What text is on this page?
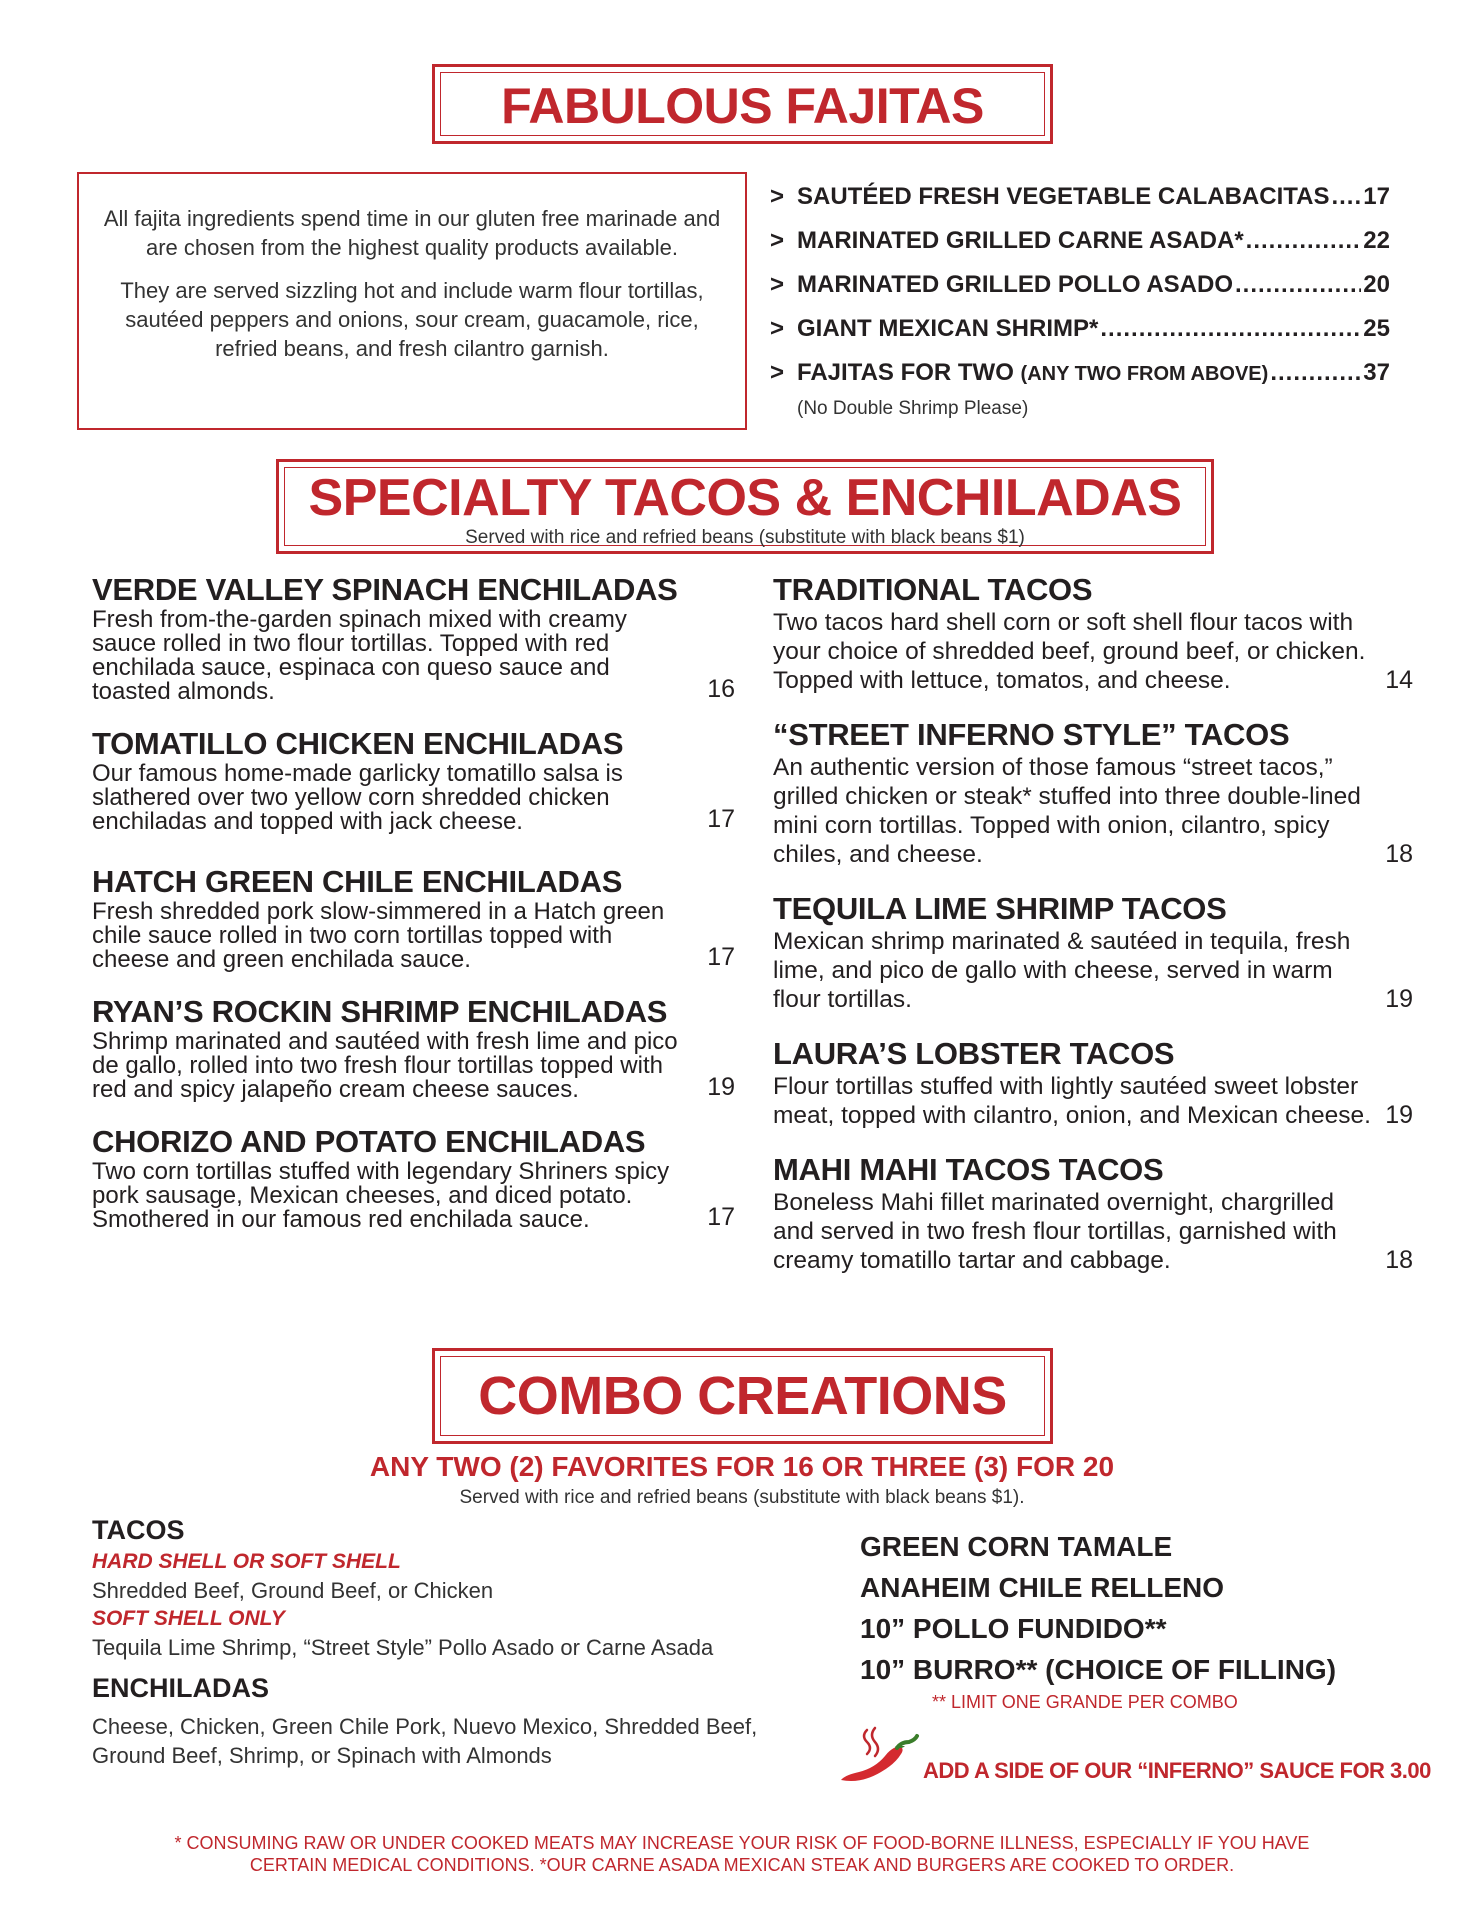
FABULOUS FAJITAS

All fajita ingredients spend time in our gluten free marinade and are chosen from the highest quality products available.

They are served sizzling hot and include warm flour tortillas, sautéed peppers and onions, sour cream, guacamole, rice, refried beans, and fresh cilantro garnish.

> SAUTÉED FRESH VEGETABLE CALABACITAS ..... 17
> MARINATED GRILLED CARNE ASADA* .....	22
> MARINATED GRILLED POLLO ASADO .....	20
> GIANT MEXICAN SHRIMP* .....	25
> FAJITAS FOR TWO (ANY TWO FROM ABOVE) .....	37
(No Double Shrimp Please)
SPECIALTY TACOS & ENCHILADAS
Served with rice and refried beans (substitute with black beans $1)
VERDE VALLEY SPINACH ENCHILADAS
Fresh from-the-garden spinach mixed with creamy sauce rolled in two flour tortillas. Topped with red enchilada sauce, espinaca con queso sauce and toasted almonds.	16
TOMATILLO CHICKEN ENCHILADAS
Our famous home-made garlicky tomatillo salsa is slathered over two yellow corn shredded chicken enchiladas and topped with jack cheese.	17
HATCH GREEN CHILE ENCHILADAS
Fresh shredded pork slow-simmered in a Hatch green chile sauce rolled in two corn tortillas topped with cheese and green enchilada sauce.	17
RYAN’S ROCKIN SHRIMP ENCHILADAS
Shrimp marinated and sautéed with fresh lime and pico de gallo, rolled into two fresh flour tortillas topped with red and spicy jalapeño cream cheese sauces.	19
CHORIZO AND POTATO ENCHILADAS
Two corn tortillas stuffed with legendary Shriners spicy pork sausage, Mexican cheeses, and diced potato. Smothered in our famous red enchilada sauce.	17
TRADITIONAL TACOS
Two tacos hard shell corn or soft shell flour tacos with your choice of shredded beef, ground beef, or chicken. Topped with lettuce, tomatos, and cheese.	14
“STREET INFERNO STYLE” TACOS
An authentic version of those famous “street tacos,” grilled chicken or steak* stuffed into three double-lined mini corn tortillas. Topped with onion, cilantro, spicy chiles, and cheese.	18
TEQUILA LIME SHRIMP TACOS
Mexican shrimp marinated & sautéed in tequila, fresh lime, and pico de gallo with cheese, served in warm flour tortillas.	19
LAURA’S LOBSTER TACOS
Flour tortillas stuffed with lightly sautéed sweet lobster meat, topped with cilantro, onion, and Mexican cheese. 19
MAHI MAHI TACOS TACOS
Boneless Mahi fillet marinated overnight, chargrilled and served in two fresh flour tortillas, garnished with creamy tomatillo tartar and cabbage.	18
COMBO CREATIONS
ANY TWO (2) FAVORITES FOR 16 OR THREE (3) FOR 20
Served with rice and refried beans (substitute with black beans $1).
TACOS
HARD SHELL OR SOFT SHELL
Shredded Beef, Ground Beef, or Chicken
SOFT SHELL ONLY
Tequila Lime Shrimp, “Street Style” Pollo Asado or Carne Asada
ENCHILADAS
Cheese, Chicken, Green Chile Pork, Nuevo Mexico, Shredded Beef, Ground Beef, Shrimp, or Spinach with Almonds
GREEN CORN TAMALE
ANAHEIM CHILE RELLENO
10” POLLO FUNDIDO**
10” BURRO** (CHOICE OF FILLING)
** LIMIT ONE GRANDE PER COMBO
ADD A SIDE OF OUR “INFERNO” SAUCE FOR 3.00
* CONSUMING RAW OR UNDER COOKED MEATS MAY INCREASE YOUR RISK OF FOOD-BORNE ILLNESS, ESPECIALLY IF YOU HAVE
CERTAIN MEDICAL CONDITIONS. *OUR CARNE ASADA MEXICAN STEAK AND BURGERS ARE COOKED TO ORDER.
